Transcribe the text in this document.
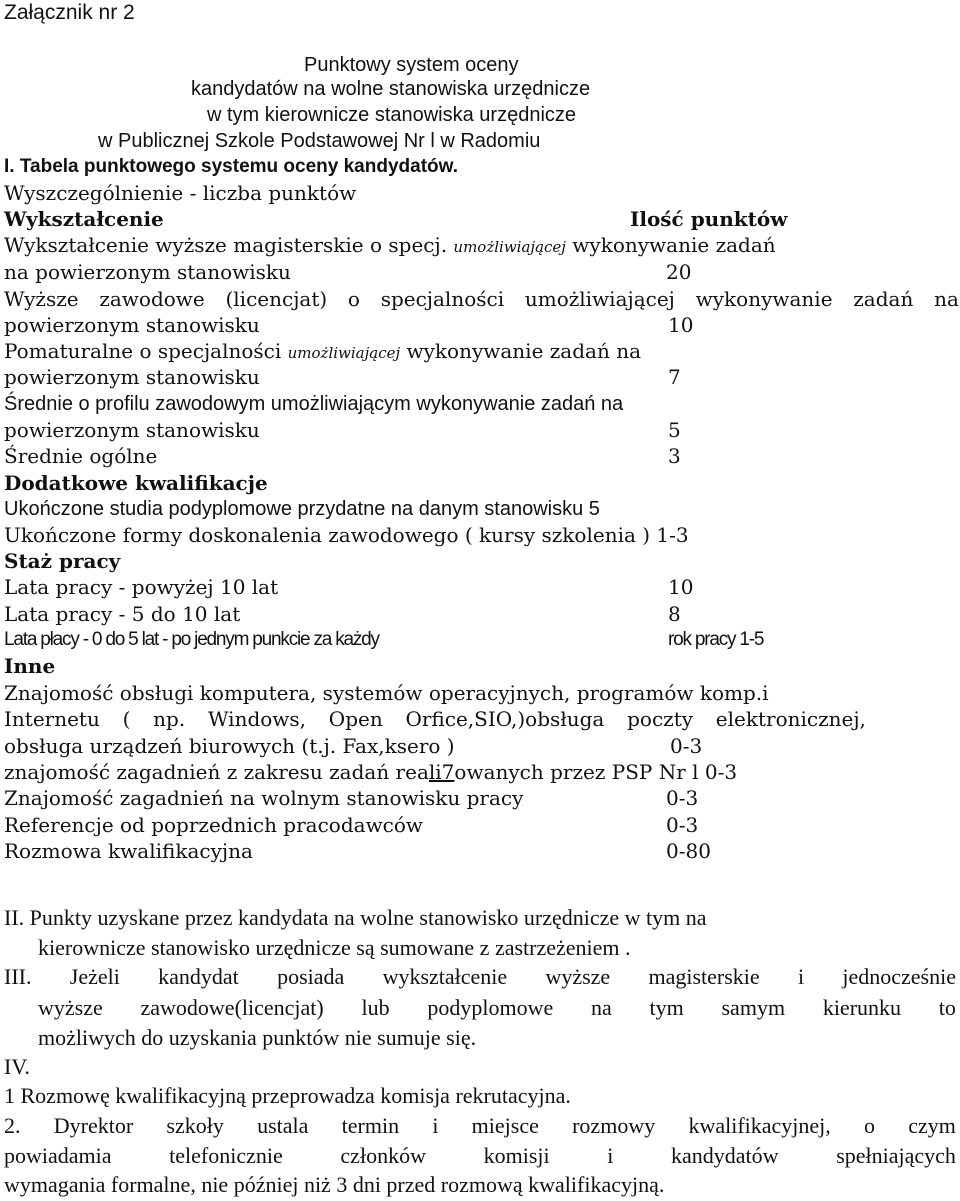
Załącznik nr 2
Punktowy system oceny
kandydatów na wolne stanowiska urzędnicze
w tym kierownicze stanowiska urzędnicze
w Publicznej Szkole Podstawowej Nr l w Radomiu
I. Tabela punktowego systemu oceny kandydatów.
Wyszczególnienie - liczba punktów
Wykształcenie	Ilość punktów
Wykształcenie wyższe magisterskie o specj. umożliwiającej wykonywanie zadań
na powierzonym stanowisku	20
Wyższe zawodowe (licencjat) o specjalności umożliwiającej wykonywanie zadań na
powierzonym stanowisku	10
Pomaturalne o specjalności umożliwiającej wykonywanie zadań na
powierzonym stanowisku	7
Średnie o profilu zawodowym umożliwiającym wykonywanie zadań na
powierzonym stanowisku	5
Średnie ogólne	3
Dodatkowe kwalifikacje
Ukończone studia podyplomowe przydatne na danym stanowisku 5
Ukończone formy doskonalenia zawodowego ( kursy szkolenia ) 1-3
Staż pracy
Lata pracy - powyżej 10 lat	10
Lata pracy - 5 do 10 lat	8
Lata płacy - 0 do 5 lat - po jednym punkcie za każdy	rok pracy 1-5
Inne
Znajomość obsługi komputera, systemów operacyjnych, programów komp.i
Internetu ( np. Windows, Open Orfice,SIO,)obsługa poczty elektronicznej,
obsługa urządzeń biurowych (t.j. Fax,ksero )	0-3
znajomość zagadnień z zakresu zadań reali7owanych przez PSP Nr l 0-3
Znajomość zagadnień na wolnym stanowisku pracy	0-3
Referencje od poprzednich pracodawców	0-3
Rozmowa kwalifikacyjna	0-80
II. Punkty uzyskane przez kandydata na wolne stanowisko urzędnicze w tym na
kierownicze stanowisko urzędnicze są sumowane z zastrzeżeniem .
III. Jeżeli kandydat posiada wykształcenie wyższe magisterskie i jednocześnie
wyższe zawodowe(licencjat) lub podyplomowe na tym samym kierunku to
możliwych do uzyskania punktów nie sumuje się.
IV.
1 Rozmowę kwalifikacyjną przeprowadza komisja rekrutacyjna.
2. Dyrektor szkoły ustala termin i miejsce rozmowy kwalifikacyjnej, o czym
powiadamia	telefonicznie	członków	komisji	i	kandydatów	spełniających
wymagania formalne, nie później niż 3 dni przed rozmową kwalifikacyjną.
